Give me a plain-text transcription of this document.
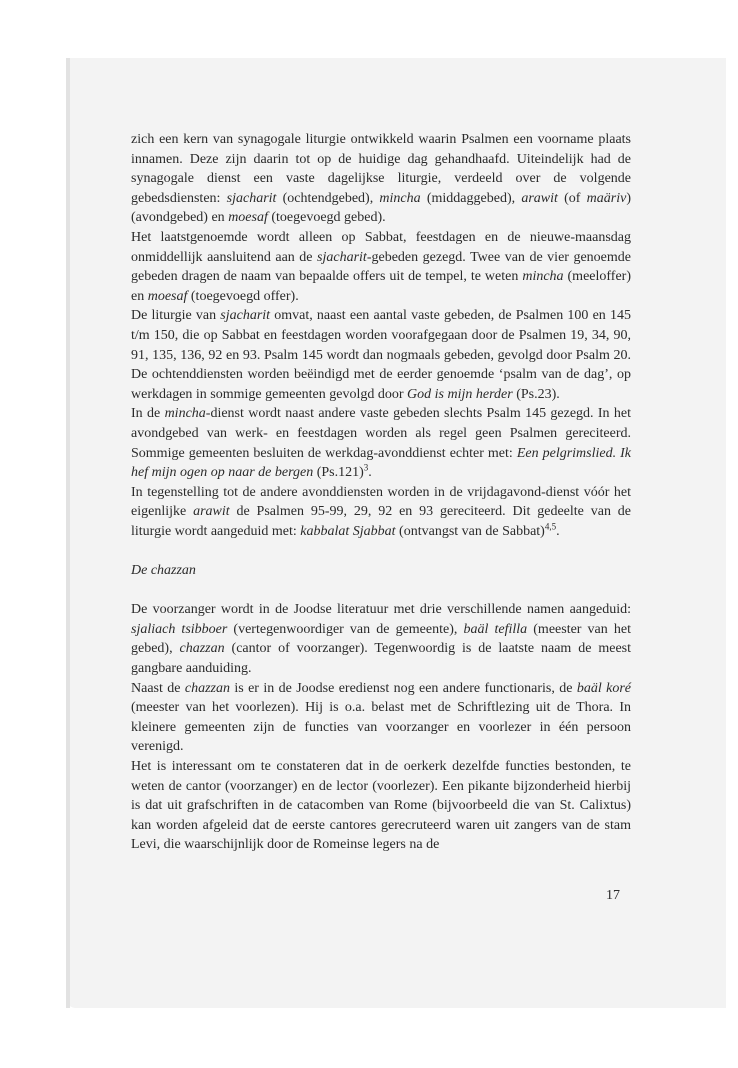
zich een kern van synagogale liturgie ontwikkeld waarin Psalmen een voorname plaats innamen. Deze zijn daarin tot op de huidige dag gehandhaafd. Uiteindelijk had de synagogale dienst een vaste dagelijkse liturgie, verdeeld over de volgende gebedsdiensten: sjacharit (ochtendgebed), mincha (middaggebed), arawit (of maäriv) (avondgebed) en moesaf (toegevoegd gebed).

Het laatstgenoemde wordt alleen op Sabbat, feestdagen en de nieuwe-maansdag onmiddellijk aansluitend aan de sjacharit-gebeden gezegd. Twee van de vier genoemde gebeden dragen de naam van bepaalde offers uit de tempel, te weten mincha (meeloffer) en moesaf (toegevoegd offer).

De liturgie van sjacharit omvat, naast een aantal vaste gebeden, de Psalmen 100 en 145 t/m 150, die op Sabbat en feestdagen worden voorafgegaan door de Psalmen 19, 34, 90, 91, 135, 136, 92 en 93. Psalm 145 wordt dan nogmaals gebeden, gevolgd door Psalm 20. De ochtenddiensten worden beëindigd met de eerder genoemde ‘psalm van de dag’, op werkdagen in sommige gemeenten gevolgd door God is mijn herder (Ps.23).

In de mincha-dienst wordt naast andere vaste gebeden slechts Psalm 145 gezegd. In het avondgebed van werk- en feestdagen worden als regel geen Psalmen gereciteerd. Sommige gemeenten besluiten de werkdag-avonddienst echter met: Een pelgrimslied. Ik hef mijn ogen op naar de bergen $(Ps.121)^3$.

In tegenstelling tot de andere avonddiensten worden in de vrijdagavond-dienst vóór het eigenlijke arawit de Psalmen 95-99, 29, 92 en 93 gereciteerd. Dit gedeelte van de liturgie wordt aangeduid met: kabbalat Sjabbat (ontvangst van de Sabbat)$^{4,5}$.

De chazzan

De voorzanger wordt in de Joodse literatuur met drie verschillende namen aangeduid: sjaliach tsibboer (vertegenwoordiger van de gemeente), baäl tefilla (meester van het gebed), chazzan (cantor of voorzanger). Tegenwoordig is de laatste naam de meest gangbare aanduiding.

Naast de chazzan is er in de Joodse eredienst nog een andere functionaris, de baäl koré (meester van het voorlezen). Hij is o.a. belast met de Schriftlezing uit de Thora. In kleinere gemeenten zijn de functies van voorzanger en voorlezer in één persoon verenigd.

Het is interessant om te constateren dat in de oerkerk dezelfde functies bestonden, te weten de cantor (voorzanger) en de lector (voorlezer). Een pikante bijzonderheid hierbij is dat uit grafschriften in de catacomben van Rome (bijvoorbeeld die van St. Calixtus) kan worden afgeleid dat de eerste cantores gerecruteerd waren uit zangers van de stam Levi, die waarschijnlijk door de Romeinse legers na de

17
